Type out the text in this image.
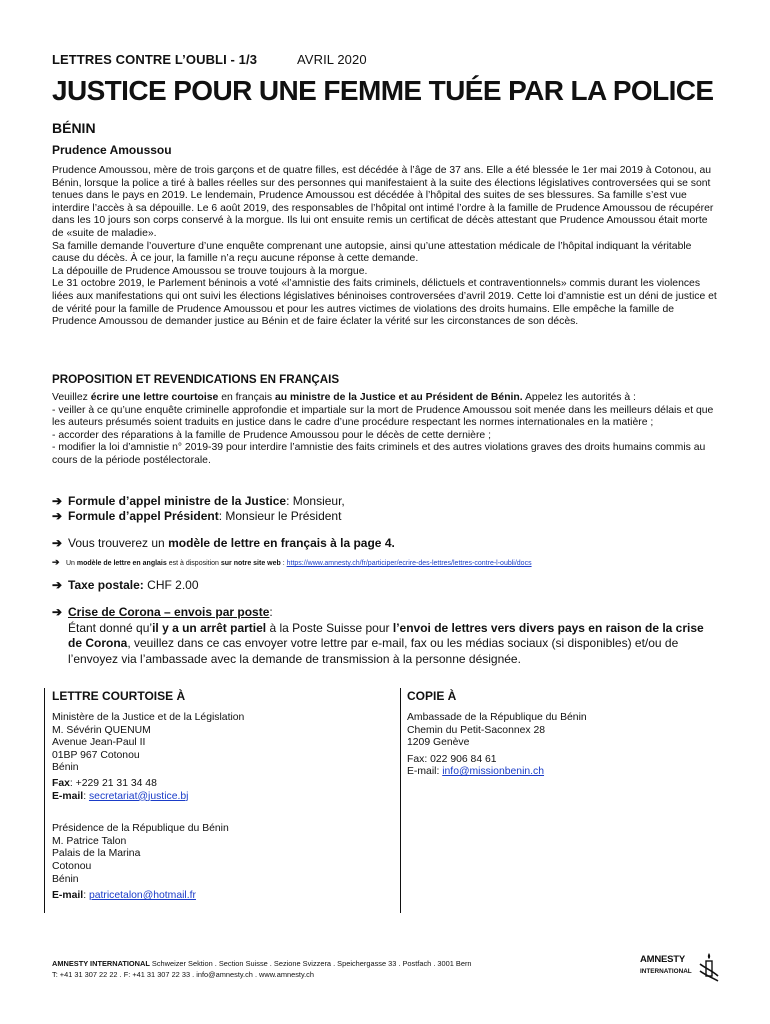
LETTRES CONTRE L’OUBLI - 1/3	AVRIL 2020
JUSTICE POUR UNE FEMME TUÉE PAR LA POLICE
BÉNIN
Prudence Amoussou

Prudence Amoussou, mère de trois garçons et de quatre filles, est décédée à l’âge de 37 ans. Elle a été blessée le 1er mai 2019 à Cotonou, au Bénin, lorsque la police a tiré à balles réelles sur des personnes qui manifestaient à la suite des élections législatives controversées qui se sont tenues dans le pays en 2019. Le lendemain, Prudence Amoussou est décédée à l’hôpital des suites de ses blessures. Sa famille s’est vue interdire l’accès à sa dépouille. Le 6 août 2019, des responsables de l’hôpital ont intimé l’ordre à la famille de Prudence Amoussou de récupérer dans les 10 jours son corps conservé à la morgue. Ils lui ont ensuite remis un certificat de décès attestant que Prudence Amoussou était morte de «suite de maladie».

Sa famille demande l’ouverture d’une enquête comprenant une autopsie, ainsi qu’une attestation médicale de l’hôpital indiquant la véritable cause du décès. À ce jour, la famille n’a reçu aucune réponse à cette demande.

La dépouille de Prudence Amoussou se trouve toujours à la morgue.

Le 31 octobre 2019, le Parlement béninois a voté «l’amnistie des faits criminels, délictuels et contraventionnels» commis durant les violences liées aux manifestations qui ont suivi les élections législatives béninoises controversées d’avril 2019. Cette loi d’amnistie est un déni de justice et de vérité pour la famille de Prudence Amoussou et pour les autres victimes de violations des droits humains. Elle empêche la famille de Prudence Amoussou de demander justice au Bénin et de faire éclater la vérité sur les circonstances de son décès.

PROPOSITION ET REVENDICATIONS EN FRANÇAIS

Veuillez écrire une lettre courtoise en français au ministre de la Justice et au Président de Bénin. Appelez les autorités à :

- veiller à ce qu’une enquête criminelle approfondie et impartiale sur la mort de Prudence Amoussou soit menée dans les meilleurs délais et que les auteurs présumés soient traduits en justice dans le cadre d’une procédure respectant les normes internationales en la matière ;

- accorder des réparations à la famille de Prudence Amoussou pour le décès de cette dernière ;

- modifier la loi d’amnistie n° 2019-39 pour interdire l’amnistie des faits criminels et des autres violations graves des droits humains commis au cours de la période postélectorale.

➔ Formule d’appel ministre de la Justice: Monsieur,
➔ Formule d’appel Président: Monsieur le Président
➔ Vous trouverez un modèle de lettre en français à la page 4.
➔ Un modèle de lettre en anglais est à disposition sur notre site web : https://www.amnesty.ch/fr/participer/ecrire-des-lettres/lettres-contre-l-oubli/docs
➔ Taxe postale: CHF 2.00
➔ Crise de Corona – envois par poste:
Étant donné qu’il y a un arrêt partiel à la Poste Suisse pour l’envoi de lettres vers divers pays en raison de la crise de Corona, veuillez dans ce cas envoyer votre lettre par e-mail, fax ou les médias sociaux (si disponibles) et/ou de l’envoyez via l’ambassade avec la demande de transmission à la personne désignée.
LETTRE COURTOISE À
Ministère de la Justice et de la Législation
M. Sévérin QUENUM
Avenue Jean-Paul II
01BP 967 Cotonou
Bénin
Fax: +229 21 31 34 48
E-mail: secretariat@justice.bj
Présidence de la République du Bénin
M. Patrice Talon
Palais de la Marina
Cotonou
Bénin
E-mail: patricetalon@hotmail.fr
COPIE À
Ambassade de la République du Bénin
Chemin du Petit-Saconnex 28
1209 Genève
Fax: 022 906 84 61
E-mail: info@missionbenin.ch
AMNESTY INTERNATIONAL Schweizer Sektion . Section Suisse . Sezione Svizzera . Speichergasse 33 . Postfach . 3001 Bern
T: +41 31 307 22 22 . F: +41 31 307 22 33 . info@amnesty.ch . www.amnesty.ch
AMNESTY
INTERNATIONAL
